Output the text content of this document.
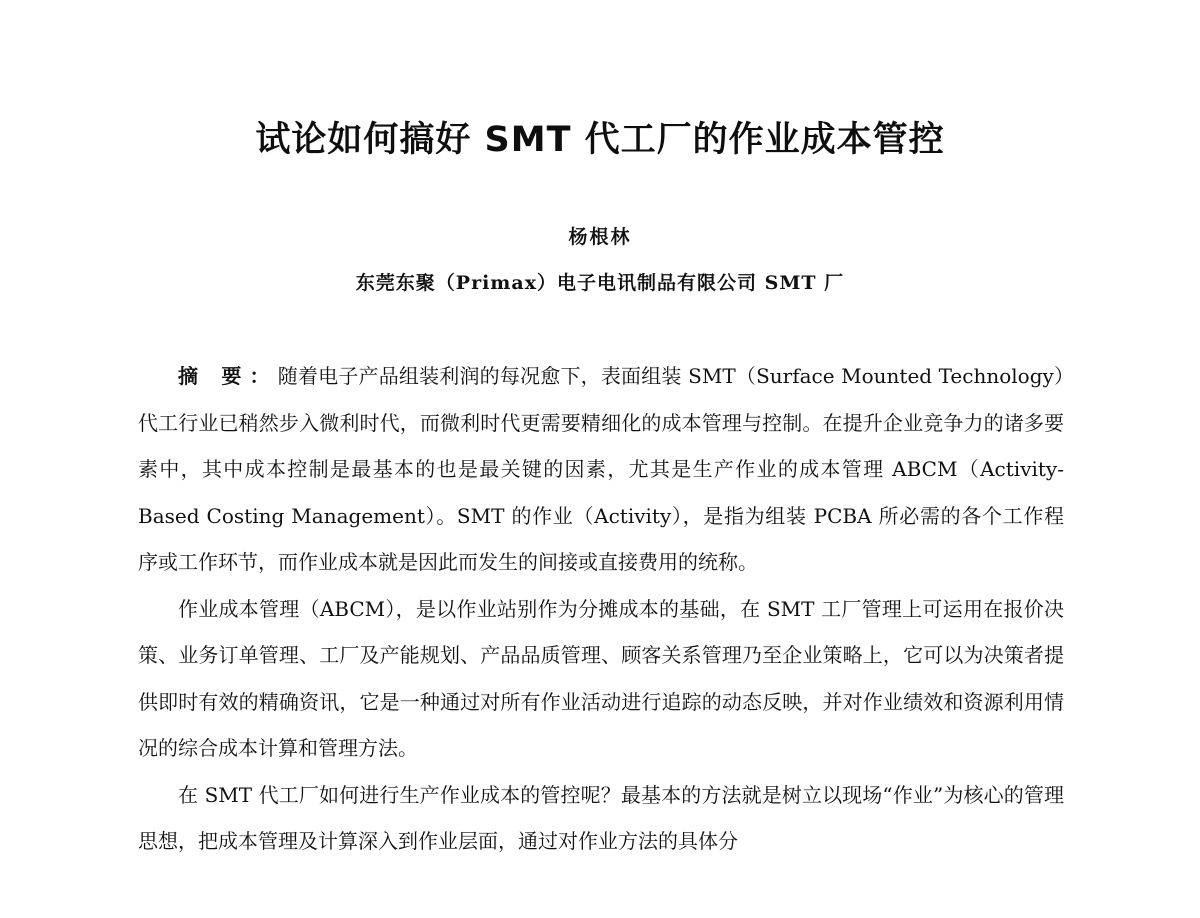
试论如何搞好 SMT 代工厂的作业成本管控
杨根林
东莞东聚（Primax）电子电讯制品有限公司 SMT 厂

摘 要：随着电子产品组装利润的每况愈下，表面组装 SMT（Surface Mounted Technology）代工行业已稍然步入微利时代，而微利时代更需要精细化的成本管理与控制。在提升企业竞争力的诸多要素中，其中成本控制是最基本的也是最关键的因素，尤其是生产作业的成本管理 ABCM（Activity-Based Costing Management）。SMT 的作业（Activity），是指为组装 PCBA 所必需的各个工作程序或工作环节，而作业成本就是因此而发生的间接或直接费用的统称。

作业成本管理（ABCM），是以作业站别作为分摊成本的基础，在 SMT 工厂管理上可运用在报价决策、业务订单管理、工厂及产能规划、产品品质管理、顾客关系管理乃至企业策略上，它可以为决策者提供即时有效的精确资讯，它是一种通过对所有作业活动进行追踪的动态反映，并对作业绩效和资源利用情况的综合成本计算和管理方法。

在 SMT 代工厂如何进行生产作业成本的管控呢？最基本的方法就是树立以现场“作业”为核心的管理思想，把成本管理及计算深入到作业层面，通过对作业方法的具体分
